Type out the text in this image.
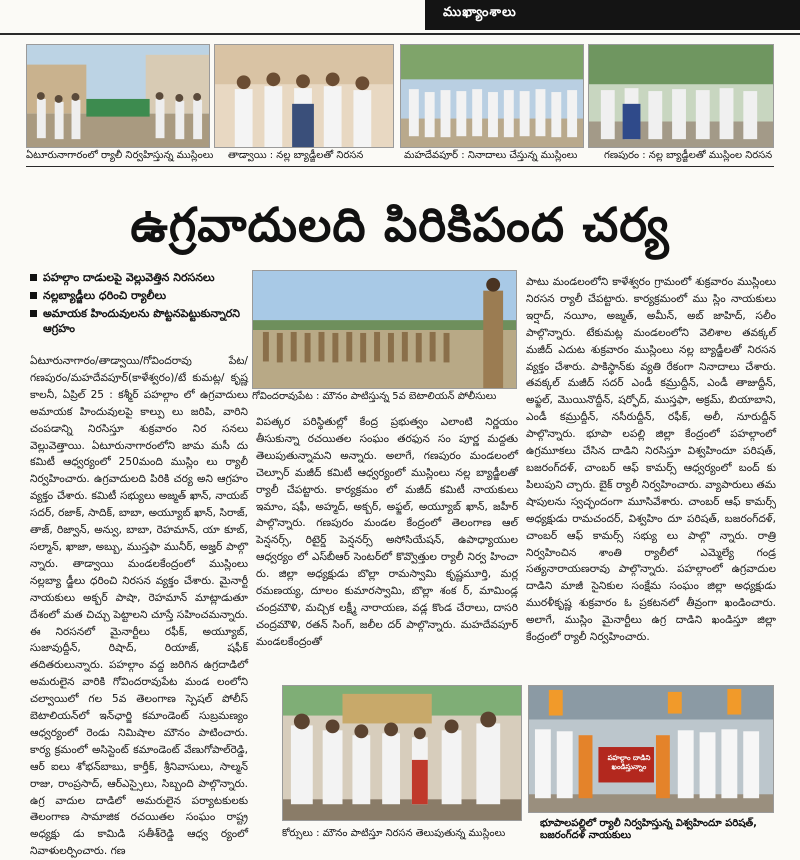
ముఖ్యాంశాలు
ఏటూరునాగారంలో ర్యాలీ నిర్వహిస్తున్న ముస్లింలు తాడ్వాయి : నల్ల బ్యాడ్జీలతో నిరసన	మహదేవపూర్ : నినాదాలు చేస్తున్న ముస్లింలు	గణపురం : నల్ల బ్యాడ్జీలతో ముస్లింల నిరసన
ఉగ్రవాదులది పిరికిపంద చర్య
పహల్గాం దాడులపై వెల్లువెత్తిన నిరసనలు
నల్లబ్యాడ్జీలు ధరించి ర్యాలీలు
అమాయక హిందువులను పొట్టనపెట్టుకున్నారని ఆగ్రహం
గోవిందరావుపేట : మౌనం పాటిస్తున్న 5వ బెటాలియన్ పోలీసులు

ఏటూరునాగారం/తాడ్వాయి/గోవిందరావు పేట/గణపురం/మహదేవపూర్(కాళేశ్వరం)/టే కుమట్ల/ కృష్ణ కాలనీ, ఏప్రిల్ 25 : కశ్మీర్ పహల్గాం లో ఉగ్రవాదులు అమాయక హిందువులపై కాల్పు లు జరిపి, వారిని చంపడాన్ని నిరసిస్తూ శుక్రవారం నిర సనలు వెల్లువెత్తాయి. ఏటూరునాగారంలోని జామ మసీ దు కమిటీ ఆధ్వర్యంలో 250మంది ముస్లిం లు ర్యాలీ నిర్వహించారు. ఉగ్రవాదులది పిరికి చర్య అని ఆగ్రహం వ్యక్తం చేశారు. కమిటీ సభ్యులు అజ్మత్ ఖాన్, నాయబ్ సదర్, రజాక్, సాదిక్, బాబా, అయ్యూబ్ ఖాన్, సిరాజ్, తాజ్, రిజ్వాన్, అన్వు, బాబా, రెహమాన్, యా కూబ్, సల్మాన్, ఖాజా, అబ్బు, ముస్తఫా మునీర్, అజ్హర్ పాల్గొ న్నారు. తాడ్వాయి మండలకేంద్రంలో ముస్లింలు నల్లబ్యా డ్జీలు ధరించి నిరసన వ్యక్తం చేశారు. మైనార్టీ నాయకులు అక్బర్ పాషా, రెహమాన్ మాట్లాడుతూ దేశంలో మత చిచ్చు పెట్టాలని చూస్తే సహించమన్నారు. ఈ నిరసనలో మైనార్టీలు రఫీక్, అయ్యూబ్, సుజావుద్దీన్, రిషాద్, రియాజ్, షఫీక్ తదితరులున్నారు. పహల్గాం వద్ద జరిగిన ఉగ్రదాడిలో అమరులైన వారికి గోవిందరావుపేట మండ లంలోని చల్వాయిలో గల 5వ తెలంగాణ స్పెషల్ పోలీస్ బెటాలియన్‌లో ఇన్‌ఛార్జి కమాండెంట్ సుబ్రమణ్యం ఆధ్వర్యంలో రెండు నిమిషాల మౌనం పాటించారు. కార్య క్రమంలో అసిస్టెంట్ కమాండెంట్ వేణుగోపాల్‌రెడ్డి, ఆర్ ఐలు శోభన్‌బాబు, కార్తీక్, శ్రీనివాసులు, సాల్మన్ రాజు, రాంప్రసాద్, ఆర్ఎస్సైలు, సిబ్బంది పాల్గొన్నారు. ఉగ్ర వాదుల దాడిలో అమరులైన పర్యాటకులకు తెలంగాణ సామాజిక రచయితల సంఘం రాష్ట్ర అధ్యక్షు డు కామిడి సతీశ్‌రెడ్డి ఆధ్వ ర్యంలో నివాళులర్పించారు. గణ

విపత్కర పరిస్థితుల్లో కేంద్ర ప్రభుత్వం ఎలాంటి నిర్ణయం తీసుకున్నా రచయితల సంఘం తరఫున సం పూర్ణ మద్దతు తెలుపుతున్నామని అన్నారు. అలాగే, గణపురం మండలంలో చెల్పూర్ మజీద్ కమిటీ ఆధ్వర్యంలో ముస్లింలు నల్ల బ్యాడ్జీలతో ర్యాలీ చేపట్టారు. కార్యక్రమం లో మజీద్ కమిటీ నాయకులు ఇమాం, షఫీ, అహ్మద్, అక్బర్, అఫ్జల్, అయ్యూబ్ ఖాన్, జహీర్ పాల్గొన్నారు. గణపురం మండల కేంద్రంలో తెలంగాణ ఆల్ పెన్షనర్స్, రిటైర్డ్ పెన్షనర్స్ అసోసియేషన్, ఉపాధ్యాయుల ఆధ్వర్యం లో ఎస్‌బీఆర్ సెంటర్‌లో కొవ్వొత్తుల ర్యాలీ నిర్వ హించా రు. జిల్లా అధ్యక్షుడు బొల్లా రామస్వామి కృష్ణమూర్తి, మర్ల రమణయ్య, దూలం కుమారస్వామి, బొల్లా శంక ర్, మామిండ్ల చంద్రమౌళి, మచ్చిక లక్ష్మీ నారాయణ, వడ్ల కొండ చేరాలు, దాసరి చంద్రమౌళి, రతన్ సింగ్, జలీల దర్ పాల్గొన్నారు. మహదేవపూర్ మండలకేంద్రంతో

పాటు మండలంలోని కాళేశ్వరం గ్రామంలో శుక్రవారం ముస్లింలు నిరసన ర్యాలీ చేపట్టారు. కార్యక్రమంలో ము స్లిం నాయకులు ఇర్షాద్, నయీం, అజ్మత్, అమీన్, అబ్ జాహిద్, సలీం పాల్గొన్నారు. టేకుమట్ల మండలంలోని వెలిశాల తవక్కల్ మజీద్ ఎదుట శుక్రవారం ముస్లింలు నల్ల బ్యాడ్జీలతో నిరసన వ్యక్తం చేశారు. పాకిస్థాన్‌కు వ్యతి రేకంగా నినాదాలు చేశారు. తవక్కల్ మజీద్ సదర్ ఎండీ కమ్రుద్దీన్, ఎండీ తాజుద్దీన్, అఫ్జల్, మొయినొద్దీన్, షర్ఫోద్, ముస్తఫా, అక్రమ్, బియాబాని, ఎండీ కమ్రుద్దీన్, నసీరుద్దీన్, రఫీక్, అలీ, నూరుద్దీన్ పాల్గొన్నారు. భూపా లపల్లి జిల్లా కేంద్రంలో పహల్గాంలో ఉగ్రమూకలు చేసిన దాడిని నిరసిస్తూ విశ్వహిందూ పరిషత్, బజరంగ్‌దళ్, చాంబర్ ఆఫ్ కామర్స్ ఆధ్వర్యంలో బంద్ కు పిలుపుని చ్చారు. బైక్ ర్యాలీ నిర్వహించారు. వ్యాపారులు తమ షాపులను స్వచ్ఛందంగా మూసివేశారు. చాంబర్ ఆఫ్ కామర్స్ అధ్యక్షుడు రామచందర్, విశ్వహిం దూ పరిషత్, బజరంగ్‌దళ్, చాంబర్ ఆఫ్ కామర్స్ సభ్యు లు పాల్గొ న్నారు. రాత్రి నిర్వహించిన శాంతి ర్యాలీలో ఎమ్మెల్యే గండ్ర సత్యనారాయణరావు పాల్గొన్నారు. పహల్గాంలో ఉగ్రవాదుల దాడిని మాజీ సైనికుల సంక్షేమ సంఘం జిల్లా అధ్యక్షుడు మురళీకృష్ణ శుక్రవారం ఓ ప్రకటనలో తీవ్రంగా ఖండించారు. అలాగే, ముస్లిం మైనార్టీలు ఉగ్ర దాడిని ఖండిస్తూ జిల్లా కేంద్రంలో ర్యాలీ నిర్వహించారు.

కోర్సులు : మౌనం పాటిస్తూ నిరసన తెలుపుతున్న ముస్లింలు
పహల్గాం దాడిని ఖండిస్తున్నాం
భూపాలపల్లిలో ర్యాలీ నిర్వహిస్తున్న విశ్వహిందూ పరిషత్, బజరంగ్‌దళ్ నాయకులు
